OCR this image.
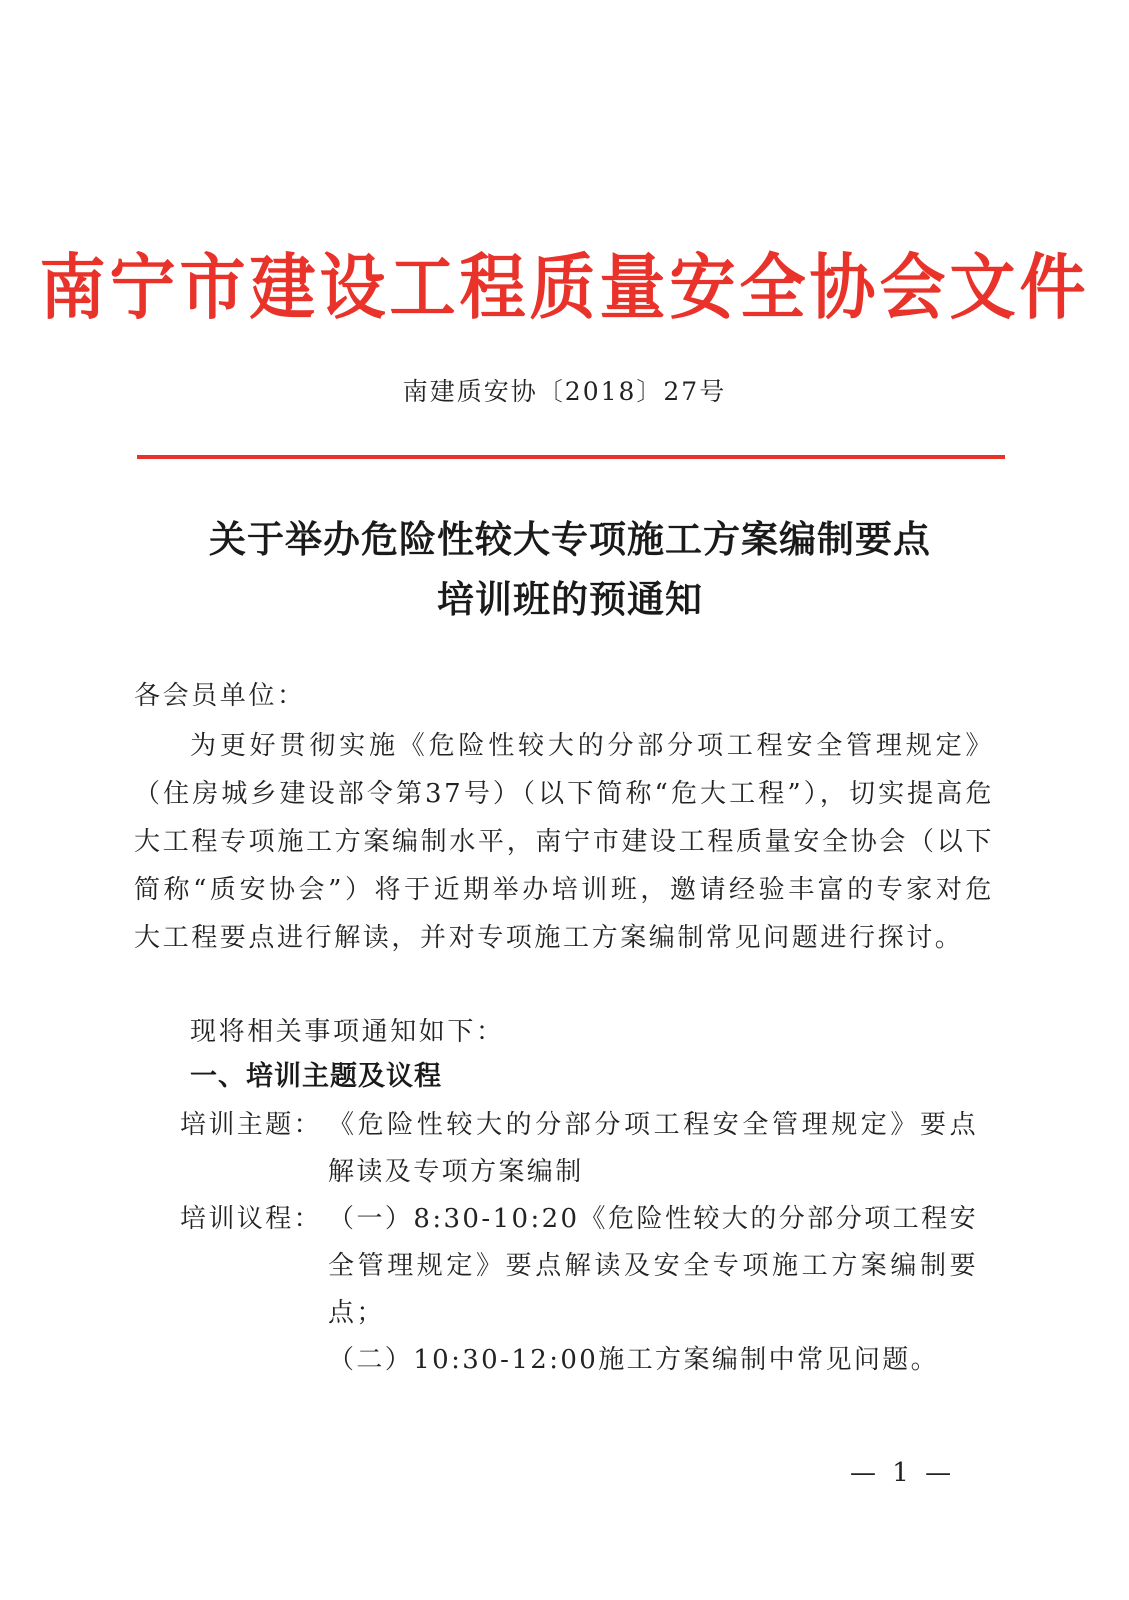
南宁市建设工程质量安全协会文件
南建质安协〔2018〕27号
关于举办危险性较大专项施工方案编制要点
培训班的预通知
各会员单位：
为更好贯彻实施《危险性较大的分部分项工程安全管理规定》（住房城乡建设部令第37号）（以下简称“危大工程”），切实提高危大工程专项施工方案编制水平，南宁市建设工程质量安全协会（以下简称“质安协会”）将于近期举办培训班，邀请经验丰富的专家对危大工程要点进行解读，并对专项施工方案编制常见问题进行探讨。
现将相关事项通知如下：
一、培训主题及议程
培训主题： 《危险性较大的分部分项工程安全管理规定》要点解读及专项方案编制
培训议程： （一）8:30-10:20《危险性较大的分部分项工程安全管理规定》要点解读及安全专项施工方案编制要点；
（二）10:30-12:00施工方案编制中常见问题。
— 1 —
